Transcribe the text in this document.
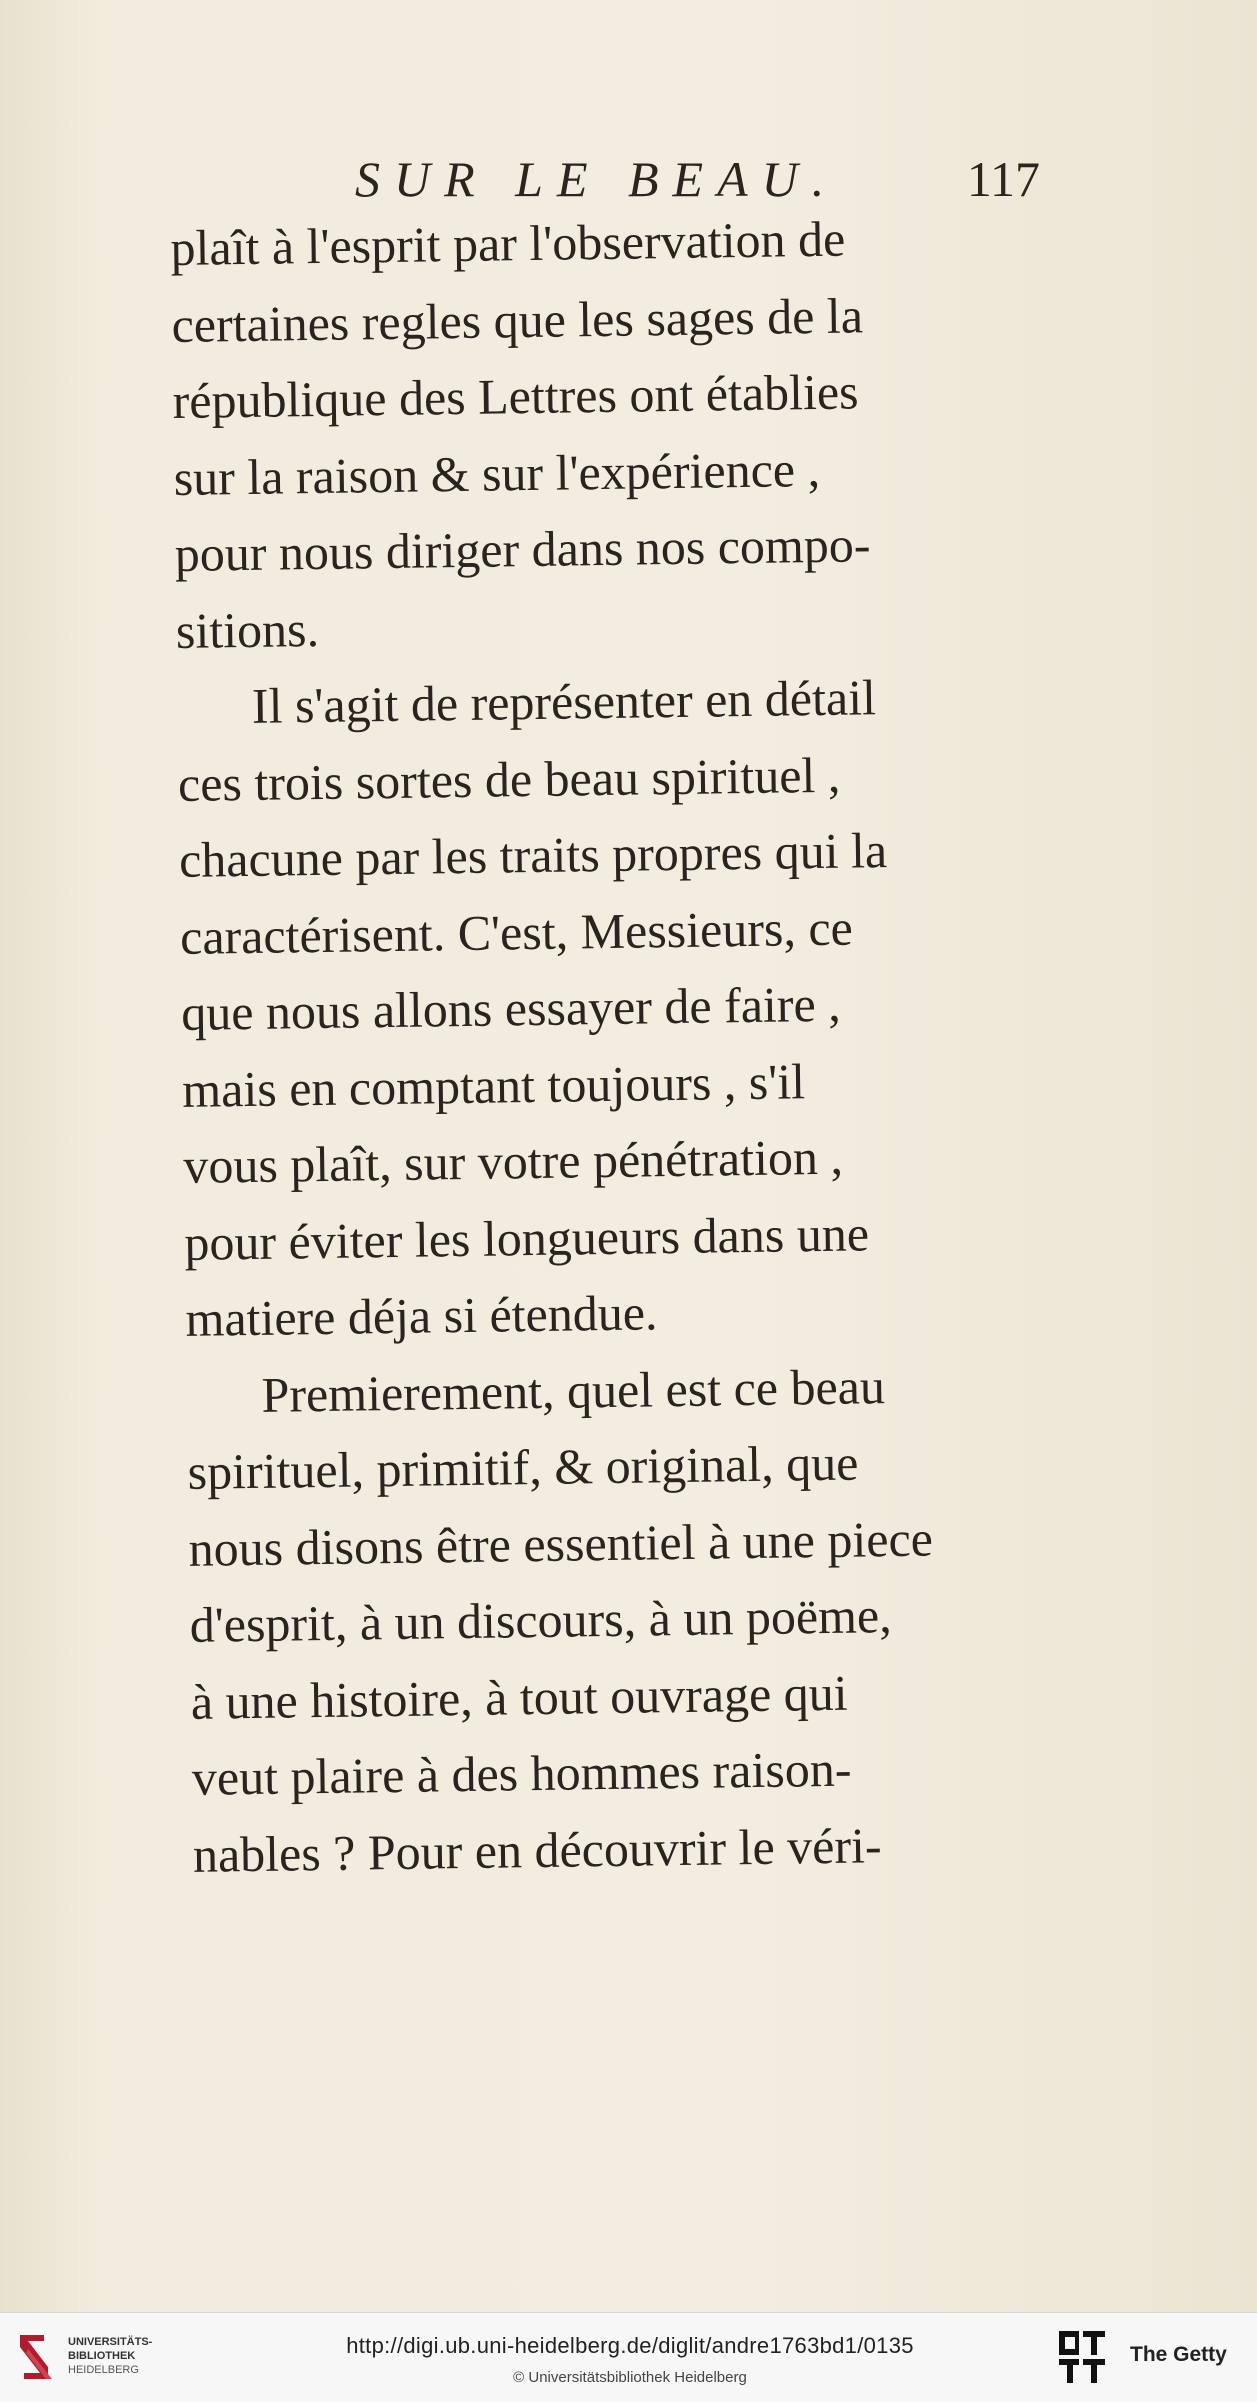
SUR LE BEAU.	117
plaît à l'esprit par l'observation de
certaines regles que les sages de la
république des Lettres ont établies
sur la raison & sur l'expérience ,
pour nous diriger dans nos compo-
sitions.
Il s'agit de représenter en détail
ces trois sortes de beau spirituel ,
chacune par les traits propres qui la
caractérisent. C'est, Messieurs, ce
que nous allons essayer de faire ,
mais en comptant toujours , s'il
vous plaît, sur votre pénétration ,
pour éviter les longueurs dans une
matiere déja si étendue.
Premierement, quel est ce beau
spirituel, primitif, & original, que
nous disons être essentiel à une piece
d'esprit, à un discours, à un poëme,
à une histoire, à tout ouvrage qui
veut plaire à des hommes raison-
nables ? Pour en découvrir le véri-
UNIVERSITÄTS-
BIBLIOTHEK
HEIDELBERG
http://digi.ub.uni-heidelberg.de/diglit/andre1763bd1/0135
© Universitätsbibliothek Heidelberg
The Getty
